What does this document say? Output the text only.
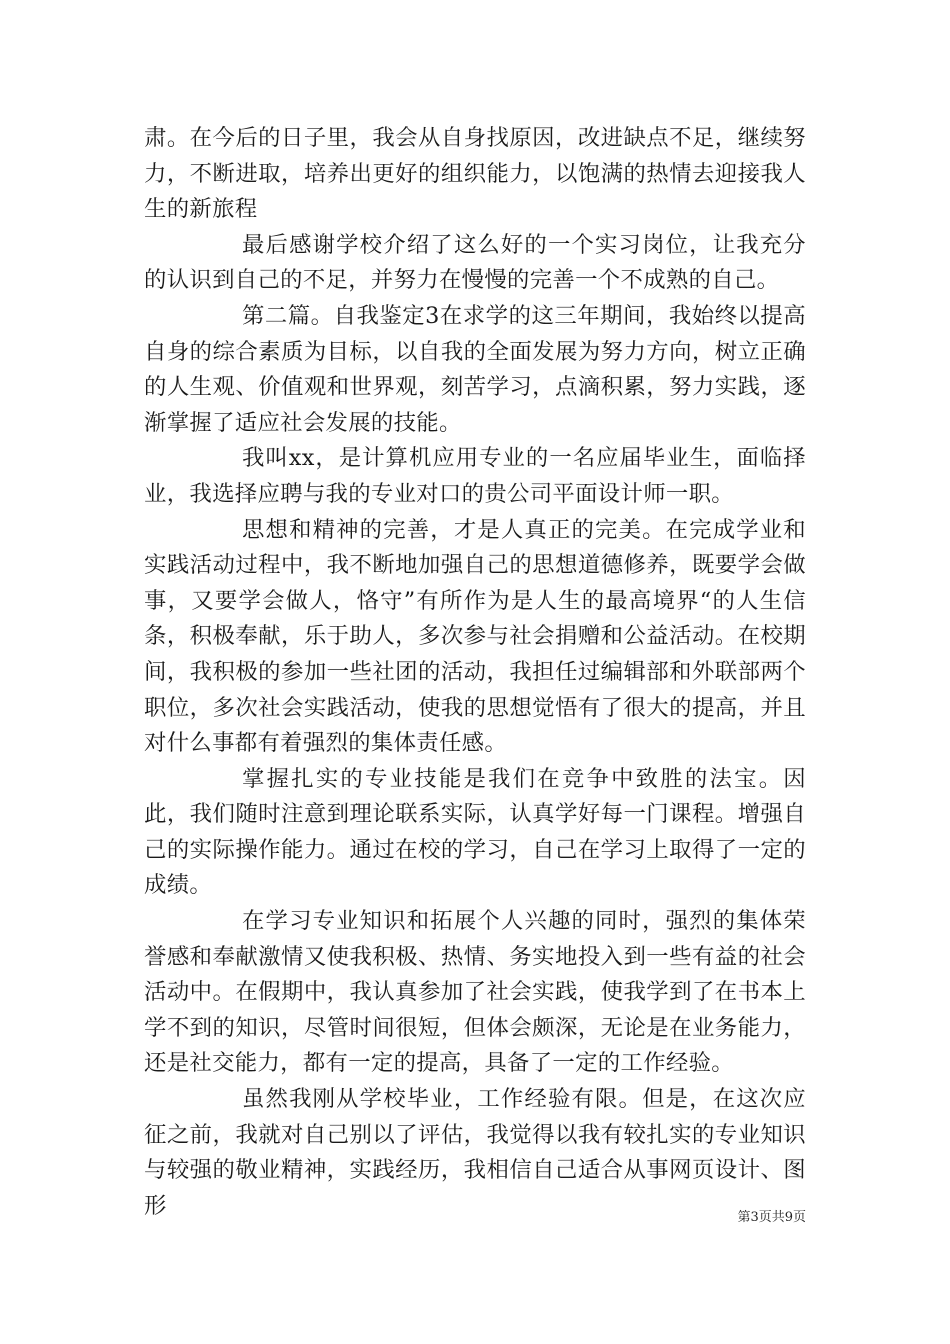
肃。在今后的日子里，我会从自身找原因，改进缺点不足，继续努力，不断进取，培养出更好的组织能力，以饱满的热情去迎接我人生的新旅程

最后感谢学校介绍了这么好的一个实习岗位，让我充分的认识到自己的不足，并努力在慢慢的完善一个不成熟的自己。

第二篇。自我鉴定3在求学的这三年期间，我始终以提高自身的综合素质为目标，以自我的全面发展为努力方向，树立正确的人生观、价值观和世界观，刻苦学习，点滴积累，努力实践，逐渐掌握了适应社会发展的技能。

我叫xx，是计算机应用专业的一名应届毕业生，面临择业，我选择应聘与我的专业对口的贵公司平面设计师一职。

思想和精神的完善，才是人真正的完美。在完成学业和实践活动过程中，我不断地加强自己的思想道德修养，既要学会做事，又要学会做人，恪守”有所作为是人生的最高境界“的人生信条，积极奉献，乐于助人，多次参与社会捐赠和公益活动。在校期间，我积极的参加一些社团的活动，我担任过编辑部和外联部两个职位，多次社会实践活动，使我的思想觉悟有了很大的提高，并且对什么事都有着强烈的集体责任感。

掌握扎实的专业技能是我们在竞争中致胜的法宝。因此，我们随时注意到理论联系实际，认真学好每一门课程。增强自己的实际操作能力。通过在校的学习，自己在学习上取得了一定的成绩。

在学习专业知识和拓展个人兴趣的同时，强烈的集体荣誉感和奉献激情又使我积极、热情、务实地投入到一些有益的社会活动中。在假期中，我认真参加了社会实践，使我学到了在书本上学不到的知识，尽管时间很短，但体会颇深，无论是在业务能力，还是社交能力，都有一定的提高，具备了一定的工作经验。

虽然我刚从学校毕业，工作经验有限。但是，在这次应征之前，我就对自己别以了评估，我觉得以我有较扎实的专业知识与较强的敬业精神，实践经历，我相信自己适合从事网页设计、图形	第3页共9页
